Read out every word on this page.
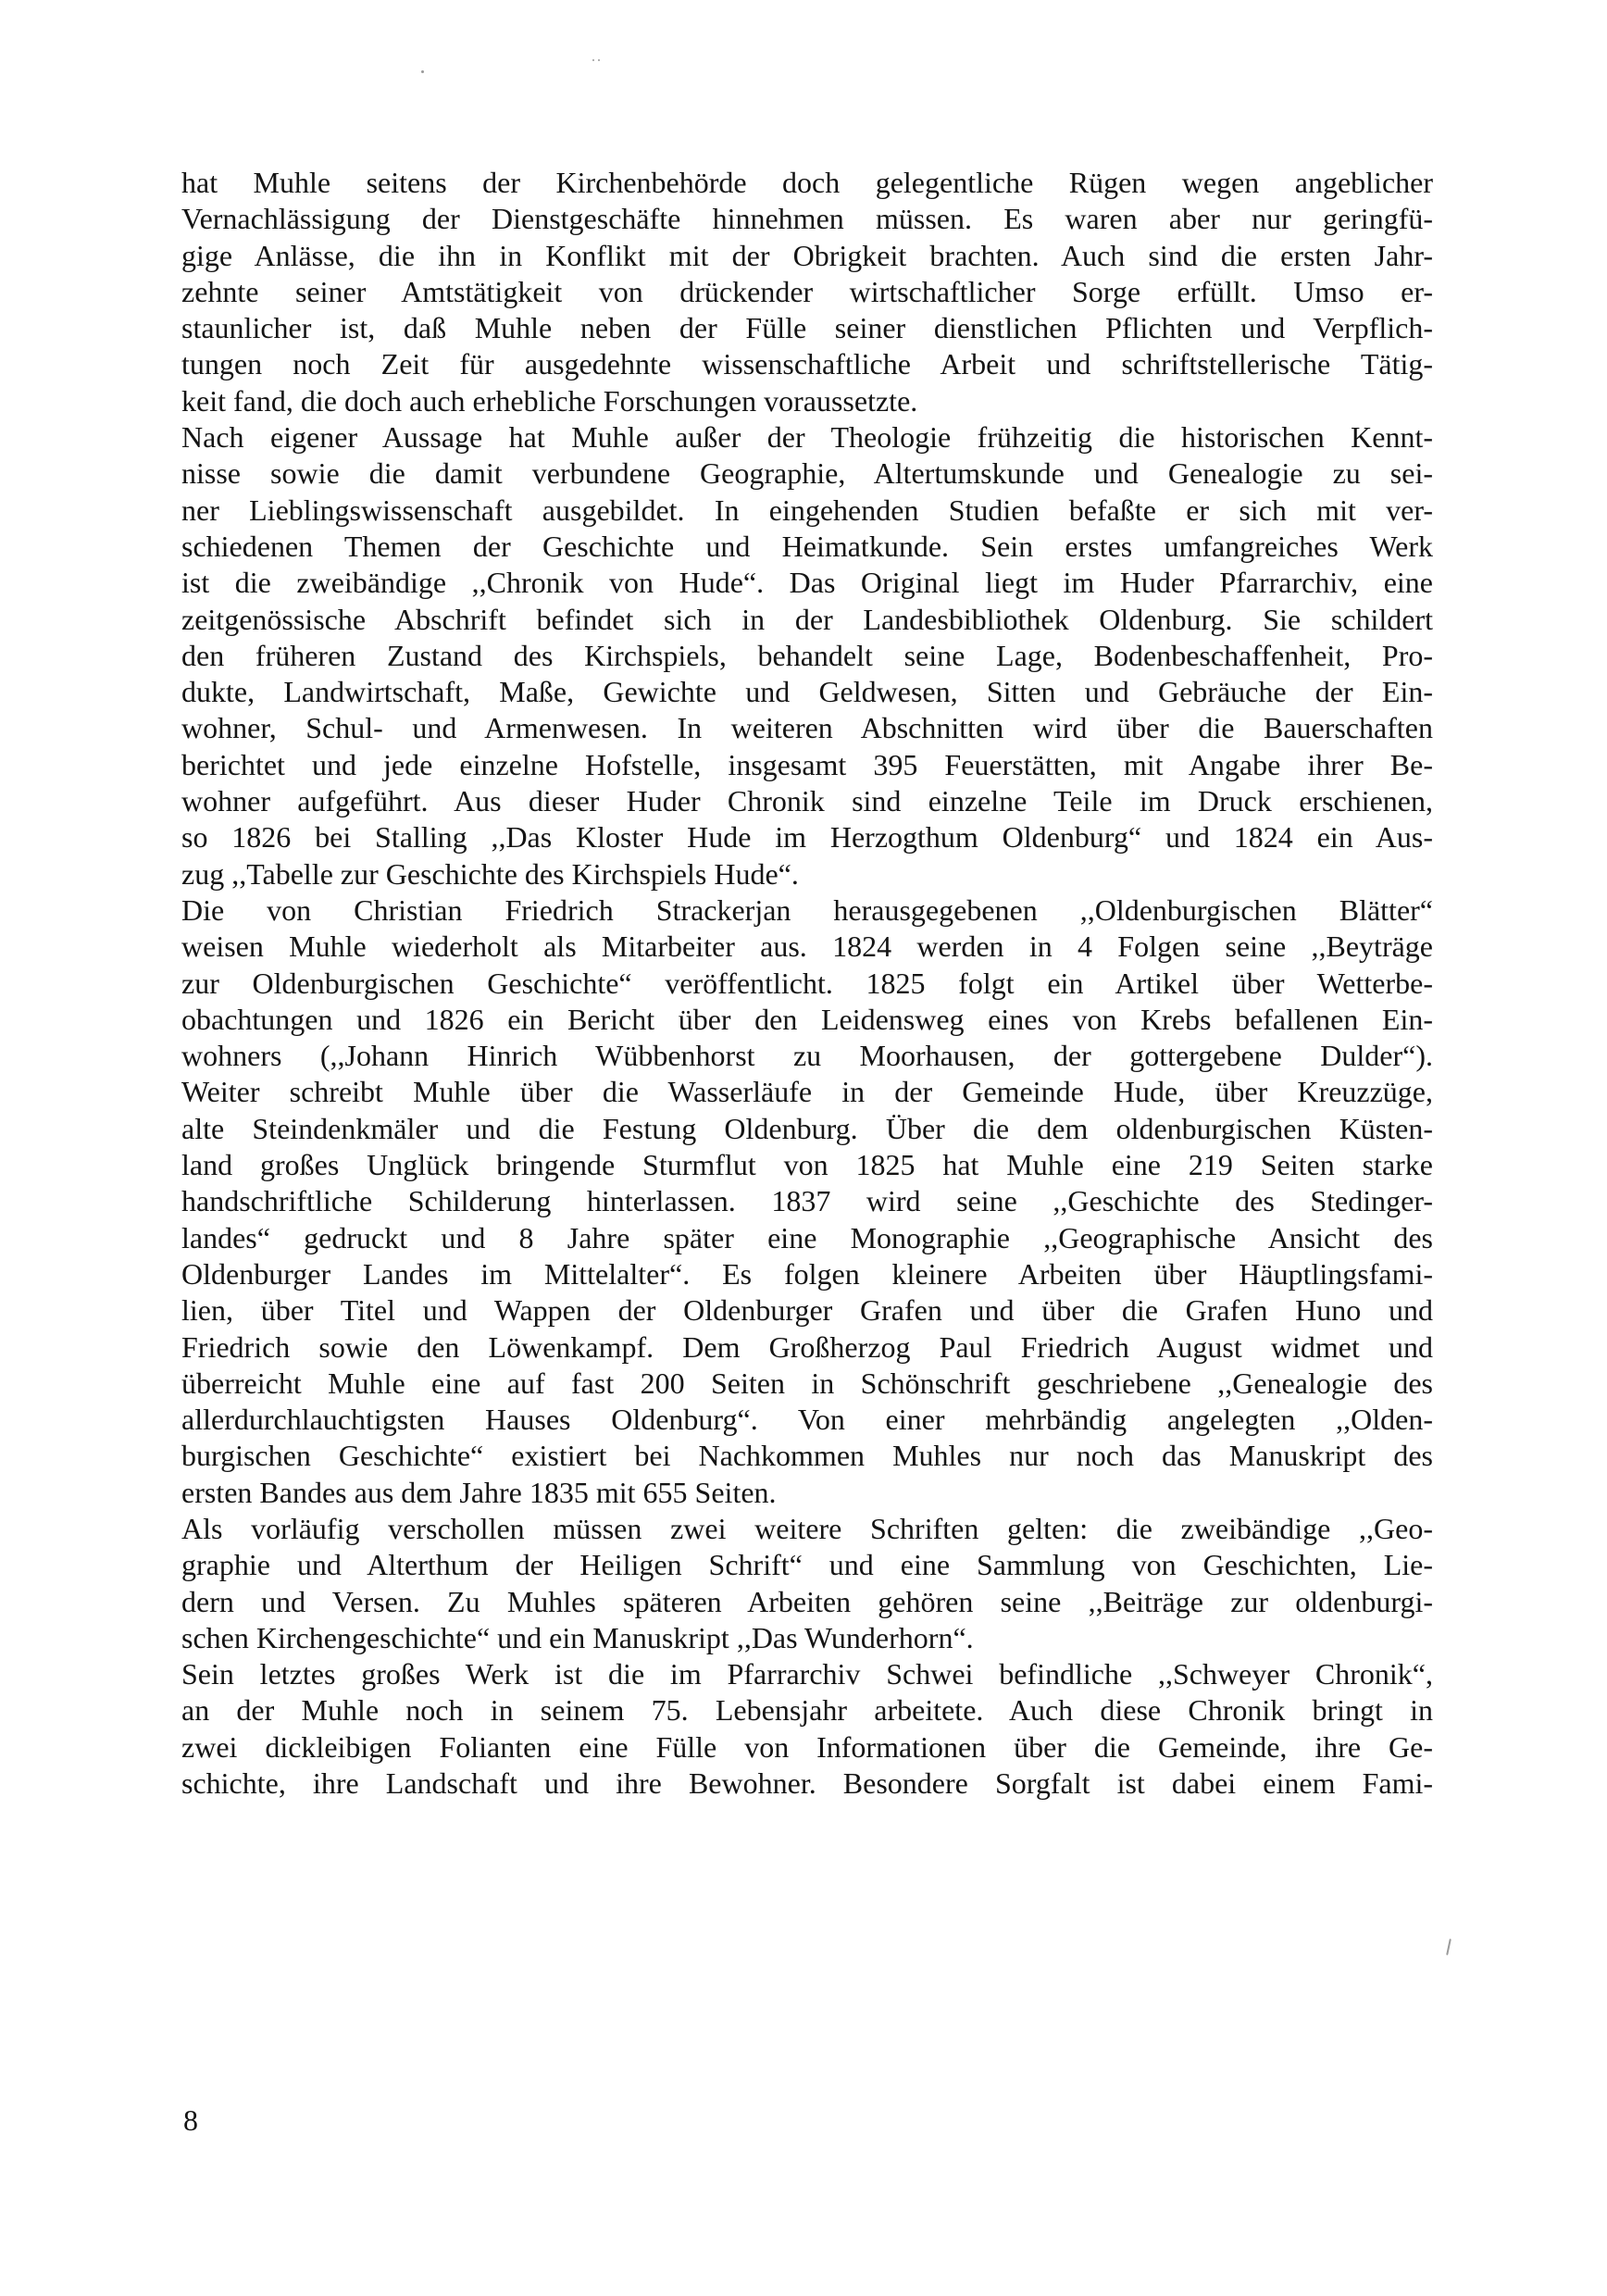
hat Muhle seitens der Kirchenbehörde doch gelegentliche Rügen wegen angeblicher
Vernachlässigung der Dienstgeschäfte hinnehmen müssen. Es waren aber nur geringfü-
gige Anlässe, die ihn in Konflikt mit der Obrigkeit brachten. Auch sind die ersten Jahr-
zehnte seiner Amtstätigkeit von drückender wirtschaftlicher Sorge erfüllt. Umso er-
staunlicher ist, daß Muhle neben der Fülle seiner dienstlichen Pflichten und Verpflich-
tungen noch Zeit für ausgedehnte wissenschaftliche Arbeit und schriftstellerische Tätig-
keit fand, die doch auch erhebliche Forschungen voraussetzte.
Nach eigener Aussage hat Muhle außer der Theologie frühzeitig die historischen Kennt-
nisse sowie die damit verbundene Geographie, Altertumskunde und Genealogie zu sei-
ner Lieblingswissenschaft ausgebildet. In eingehenden Studien befaßte er sich mit ver-
schiedenen Themen der Geschichte und Heimatkunde. Sein erstes umfangreiches Werk
ist die zweibändige ,,Chronik von Hude“. Das Original liegt im Huder Pfarrarchiv, eine
zeitgenössische Abschrift befindet sich in der Landesbibliothek Oldenburg. Sie schildert
den früheren Zustand des Kirchspiels, behandelt seine Lage, Bodenbeschaffenheit, Pro-
dukte, Landwirtschaft, Maße, Gewichte und Geldwesen, Sitten und Gebräuche der Ein-
wohner, Schul- und Armenwesen. In weiteren Abschnitten wird über die Bauerschaften
berichtet und jede einzelne Hofstelle, insgesamt 395 Feuerstätten, mit Angabe ihrer Be-
wohner aufgeführt. Aus dieser Huder Chronik sind einzelne Teile im Druck erschienen,
so 1826 bei Stalling ,,Das Kloster Hude im Herzogthum Oldenburg“ und 1824 ein Aus-
zug ,,Tabelle zur Geschichte des Kirchspiels Hude“.
Die von Christian Friedrich Strackerjan herausgegebenen ,,Oldenburgischen Blätter“
weisen Muhle wiederholt als Mitarbeiter aus. 1824 werden in 4 Folgen seine ,,Beyträge
zur Oldenburgischen Geschichte“ veröffentlicht. 1825 folgt ein Artikel über Wetterbe-
obachtungen und 1826 ein Bericht über den Leidensweg eines von Krebs befallenen Ein-
wohners (,,Johann Hinrich Wübbenhorst zu Moorhausen, der gottergebene Dulder“).
Weiter schreibt Muhle über die Wasserläufe in der Gemeinde Hude, über Kreuzzüge,
alte Steindenkmäler und die Festung Oldenburg. Über die dem oldenburgischen Küsten-
land großes Unglück bringende Sturmflut von 1825 hat Muhle eine 219 Seiten starke
handschriftliche Schilderung hinterlassen. 1837 wird seine ,,Geschichte des Stedinger-
landes“ gedruckt und 8 Jahre später eine Monographie ,,Geographische Ansicht des
Oldenburger Landes im Mittelalter“. Es folgen kleinere Arbeiten über Häuptlingsfami-
lien, über Titel und Wappen der Oldenburger Grafen und über die Grafen Huno und
Friedrich sowie den Löwenkampf. Dem Großherzog Paul Friedrich August widmet und
überreicht Muhle eine auf fast 200 Seiten in Schönschrift geschriebene ,,Genealogie des
allerdurchlauchtigsten Hauses Oldenburg“. Von einer mehrbändig angelegten ,,Olden-
burgischen Geschichte“ existiert bei Nachkommen Muhles nur noch das Manuskript des
ersten Bandes aus dem Jahre 1835 mit 655 Seiten.
Als vorläufig verschollen müssen zwei weitere Schriften gelten: die zweibändige ,,Geo-
graphie und Alterthum der Heiligen Schrift“ und eine Sammlung von Geschichten, Lie-
dern und Versen. Zu Muhles späteren Arbeiten gehören seine ,,Beiträge zur oldenburgi-
schen Kirchengeschichte“ und ein Manuskript ,,Das Wunderhorn“.
Sein letztes großes Werk ist die im Pfarrarchiv Schwei befindliche ,,Schweyer Chronik“,
an der Muhle noch in seinem 75. Lebensjahr arbeitete. Auch diese Chronik bringt in
zwei dickleibigen Folianten eine Fülle von Informationen über die Gemeinde, ihre Ge-
schichte, ihre Landschaft und ihre Bewohner. Besondere Sorgfalt ist dabei einem Fami-
8
